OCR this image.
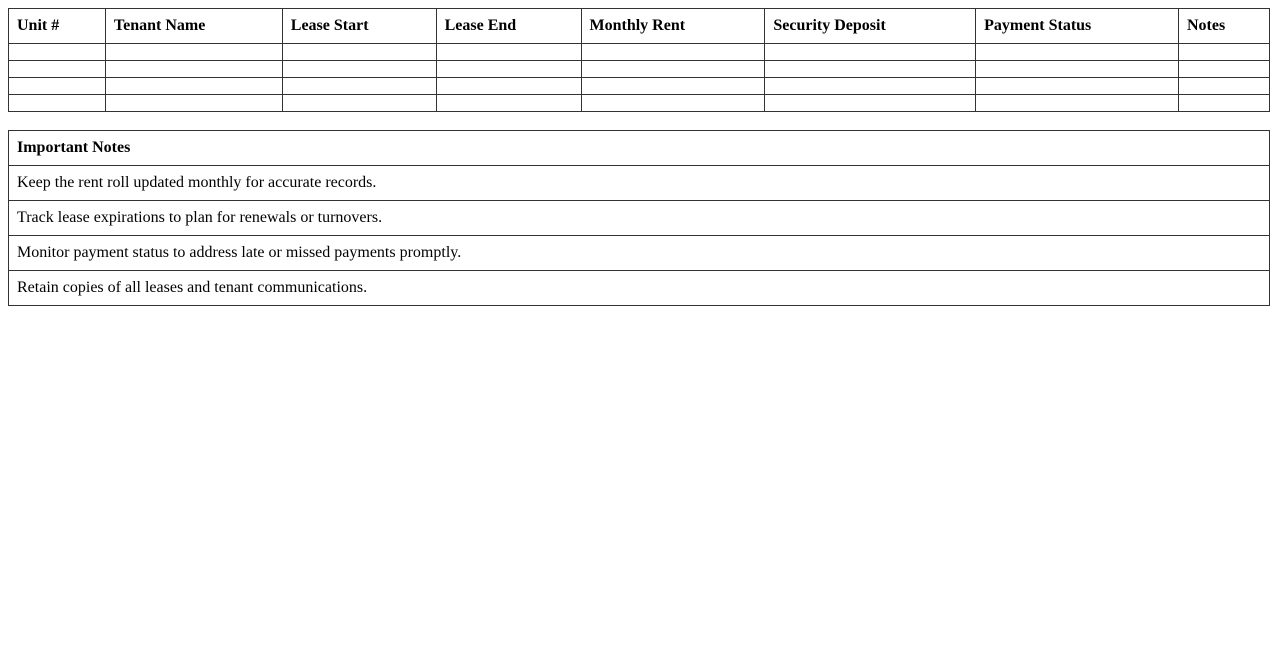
Unit #	Tenant Name	Lease Start	Lease End	Monthly Rent	Security Deposit	Payment Status	Notes

Important Notes
Keep the rent roll updated monthly for accurate records.
Track lease expirations to plan for renewals or turnovers.
Monitor payment status to address late or missed payments promptly.
Retain copies of all leases and tenant communications.
